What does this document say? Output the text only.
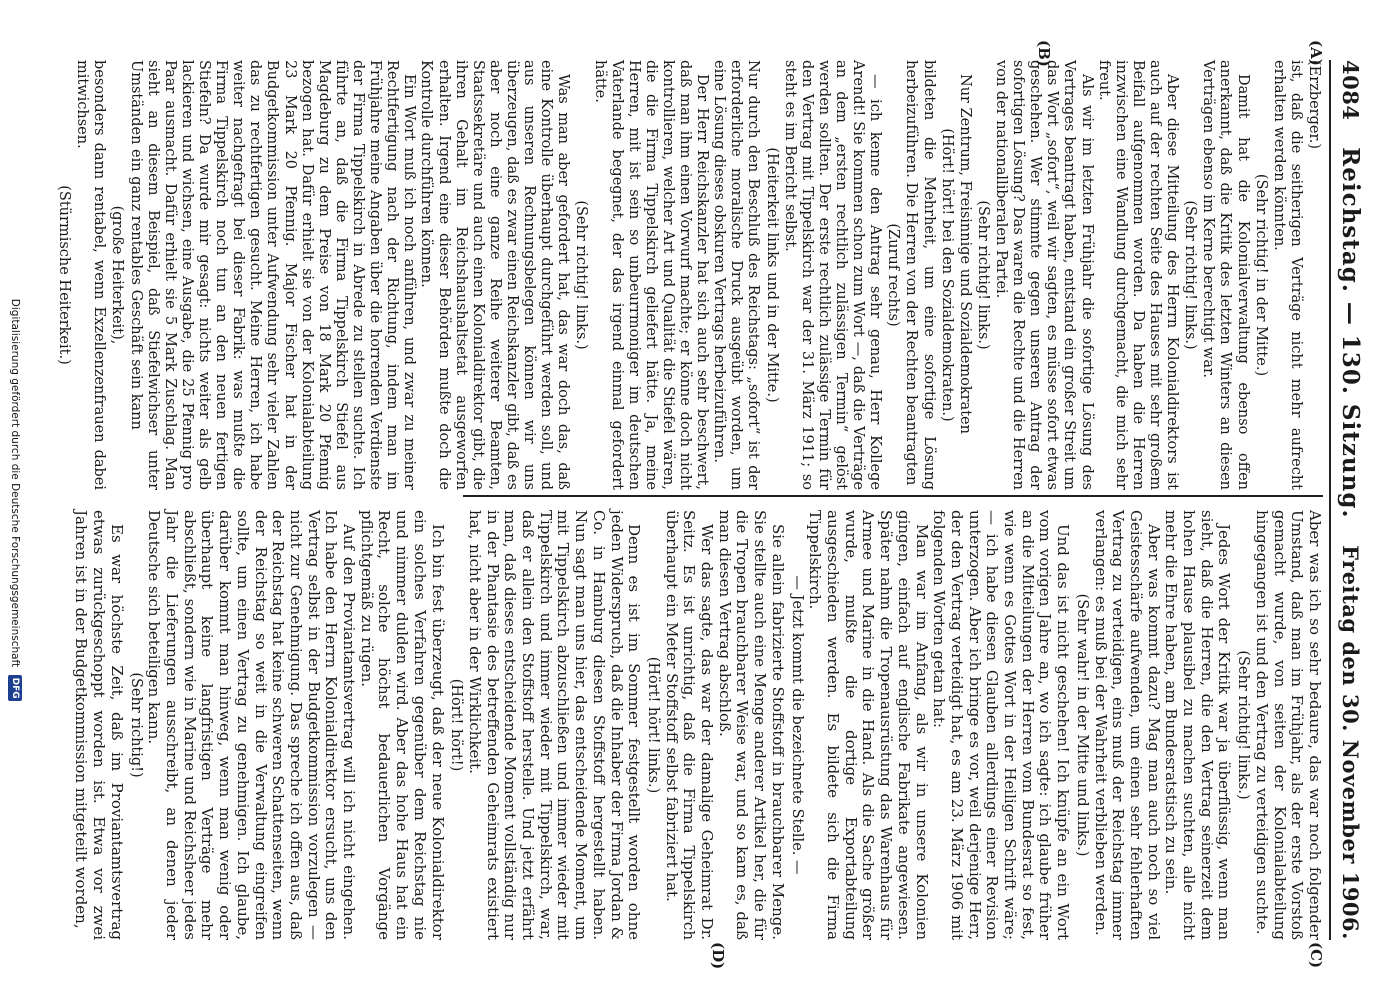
4084
Reichstag. — 130. Sitzung.
Freitag den 30. November 1906.
(A)
(B)
(C)
(D)

(Erzberger.)

ist, daß die seitherigen Verträge nicht mehr aufrecht erhalten werden könnten.

(Sehr richtig! in der Mitte.)

Damit hat die Kolonialverwaltung ebenso offen anerkannt, daß die Kritik des letzten Winters an diesen Verträgen ebenso im Kerne berechtigt war.

(Sehr richtig! links.)

Aber diese Mitteilung des Herrn Kolonialdirektors ist auch auf der rechten Seite des Hauses mit sehr großem Beifall aufgenommen worden. Da haben die Herren inzwischen eine Wandlung durchgemacht, die mich sehr freut.

Als wir im letzten Frühjahr die sofortige Lösung des Vertrages beantragt haben, entstand ein großer Streit um das Wort „sofort“, weil wir sagten, es müsse sofort etwas geschehen. Wer stimmte gegen unseren Antrag der sofortigen Lösung? Das waren die Rechte und die Herren von der nationalliberalen Partei.

(Sehr richtig! links.)

Nur Zentrum, Freisinnige und Sozialdemokraten

(Hört! hört! bei den Sozialdemokraten.)

bildeten die Mehrheit, um eine sofortige Lösung herbeizuführen. Die Herren von der Rechten beantragten

(Zuruf rechts)

— ich kenne den Antrag sehr genau, Herr Kollege Arendt! Sie kommen schon zum Wort —, daß die Verträge an dem „ersten rechtlich zulässigen Termin“ gelöst werden sollten. Der erste rechtlich zulässige Termin für den Vertrag mit Tippelskirch war der 31. März 1911; so steht es im Bericht selbst.

(Heiterkeit links und in der Mitte.)

Nur durch den Beschluß des Reichstags: „sofort“ ist der erforderliche moralische Druck ausgeübt worden, um eine Lösung dieses obskuren Vertrags herbeizuführen.

Der Herr Reichskanzler hat sich auch sehr beschwert, daß man ihm einen Vorwurf machte; er könne doch nicht kontrollieren, welcher Art und Qualität die Stiefel wären, die die Firma Tippelskirch geliefert hätte. Ja, meine Herren, mit ist sein so unbeurrmoniger im deutschen Vaterlande begegnet, der das irgend einmal gefordert hätte.

(Sehr richtig! links.)

Was man aber gefordert hat, das war doch das, daß eine Kontrolle überhaupt durchgeführt werden soll, und aus unseren Rechnungsbelegen können wir uns überzeugen, daß es zwar einen Reichskanzler gibt, daß es aber noch eine ganze Reihe weiterer Beamten, Staatssekretäre und auch einen Kolonialdirektor gibt, die ihren Gehalt im Reichshaushaltsetat ausgeworfen erhalten. Irgend eine dieser Behörden mußte doch die Kontrolle durchführen können.

Ein Wort muß ich noch anführen, und zwar zu meiner Rechtfertigung nach der Richtung, indem man im Frühjahre meine Angaben über die horrenden Verdienste der Firma Tippelskirch in Abrede zu stellen suchte. Ich führte an, daß die Firma Tippelskirch Stiefel aus Magdeburg zu dem Preise von 18 Mark 20 Pfennig bezogen hat. Dafür erhielt sie von der Kolonialabteilung 23 Mark 20 Pfennig. Major Fischer hat in der Budgetkommission unter Aufwendung sehr vieler Zahlen das zu rechtfertigen gesucht. Meine Herren, ich habe weiter nachgefragt bei dieser Fabrik: was mußte die Firma Tippelskirch noch tun an den neuen fertigen Stiefeln? Da wurde mir gesagt: nichts weiter als gelb lackieren und wichsen, eine Ausgabe, die 25 Pfennig pro Paar ausmacht. Dafür erhielt sie 5 Mark Zuschlag. Man sieht an diesem Beispiel, daß Stiefelwichser unter Umständen ein ganz rentables Geschäft sein kann

(große Heiterkeit),

besonders dann rentabel, wenn Exzellenzenfrauen dabei mitwichsen.

(Stürmische Heiterkeit.)

Aber was ich so sehr bedaure, das war noch folgender Umstand, daß man im Frühjahr, als der erste Vorstoß gemacht wurde, von seiten der Kolonialabteilung hingegangen ist und den Vertrag zu verteidigen suchte.

(Sehr richtig! links.)

Jedes Wort der Kritik war ja überflüssig, wenn man sieht, daß die Herren, die den Vertrag seinerzeit dem hohen Hause plausibel zu machen suchten, alle nicht mehr die Ehre haben, am Bundesratstisch zu sein.

Aber was kommt dazu? Mag man auch noch so viel Geistesschärfe aufwenden, um einen sehr fehlerhaften Vertrag zu verteidigen, eins muß der Reichstag immer verlangen: es muß bei der Wahrheit verblieben werden.

(Sehr wahr! in der Mitte und links.)

Und das ist nicht geschehen! Ich knüpfe an ein Wort vom vorigen Jahre an, wo ich sagte: ich glaube früher an die Mitteilungen der Herren vom Bundesrat so fest, wie wenn es Gottes Wort in der Heiligen Schrift wäre; — ich habe diesen Glauben allerdings einer Revision unterzogen. Aber ich bringe es vor, weil derjenige Herr, der den Vertrag verteidigt hat, es am 23. März 1906 mit folgenden Worten getan hat:

Man war im Anfang, als wir in unsere Kolonien gingen, einfach auf englische Fabrikate angewiesen. Später nahm die Tropenausrüstung das Warenhaus für Armee und Marine in die Hand. Als die Sache größer wurde, mußte die dortige Exportabteilung ausgeschieden werden. Es bildete sich die Firma Tippelskirch.

— Jetzt kommt die bezeichnete Stelle. —

Sie allein fabrizierte Stoffstoff in brauchbarer Menge. Sie stellte auch eine Menge anderer Artikel her, die für die Tropen brauchbarer Weise war, und so kam es, daß man diesen Vertrag abschloß.

Wer das sagte, das war der damalige Geheimrat Dr. Seitz. Es ist unrichtig, daß die Firma Tippelskirch überhaupt ein Meter Stoffstoff selbst fabriziert hat.

(Hört! hört! links.)

Denn es ist im Sommer festgestellt worden ohne jeden Widerspruch, daß die Inhaber der Firma Jordan & Co. in Hamburg diesen Stoffstoff hergestellt haben. Nun sagt man uns hier, das entscheidende Moment, um mit Tippelskirch abzuschließen und immer wieder mit Tippelskirch und immer wieder mit Tippelskirch, war, daß er allein den Stoffstoff herstelle. Und jetzt erfährt man, daß dieses entscheidende Moment vollständig nur in der Phantasie des betreffenden Geheimrats existiert hat, nicht aber in der Wirklichkeit.

(Hört! hört!)

Ich bin fest überzeugt, daß der neue Kolonialdirektor ein solches Verfahren gegenüber dem Reichstag nie und nimmer dulden wird. Aber das hohe Haus hat ein Recht, solche höchst bedauerlichen Vorgänge pflichtgemäß zu rügen.

Auf den Proviantamtsvertrag will ich nicht eingehen. Ich habe den Herrn Kolonialdirektor ersucht, uns den Vertrag selbst in der Budgetkommission vorzulegen — nicht zur Genehmigung. Das spreche ich offen aus, daß der Reichstag hat keine schweren Schattenseiten, wenn der Reichstag so weit in die Verwaltung eingreifen sollte, um einen Vertrag zu genehmigen. Ich glaube, darüber kommt man hinweg, wenn man wenig oder überhaupt keine langfristigen Verträge mehr abschließt, sondern wie in Marine und Reichsheer jedes Jahr die Lieferungen ausschreibt, an denen jeder Deutsche sich beteiligen kann.

(Sehr richtig!)

Es war höchste Zeit, daß im Proviantamtsvertrag etwas zurückgeschoppt worden ist. Etwa vor zwei Jahren ist in der Budgetkommission mitgeteilt worden,

Digitalisierung gefördert durch die Deutsche Forschungsgemeinschaft
DFG
